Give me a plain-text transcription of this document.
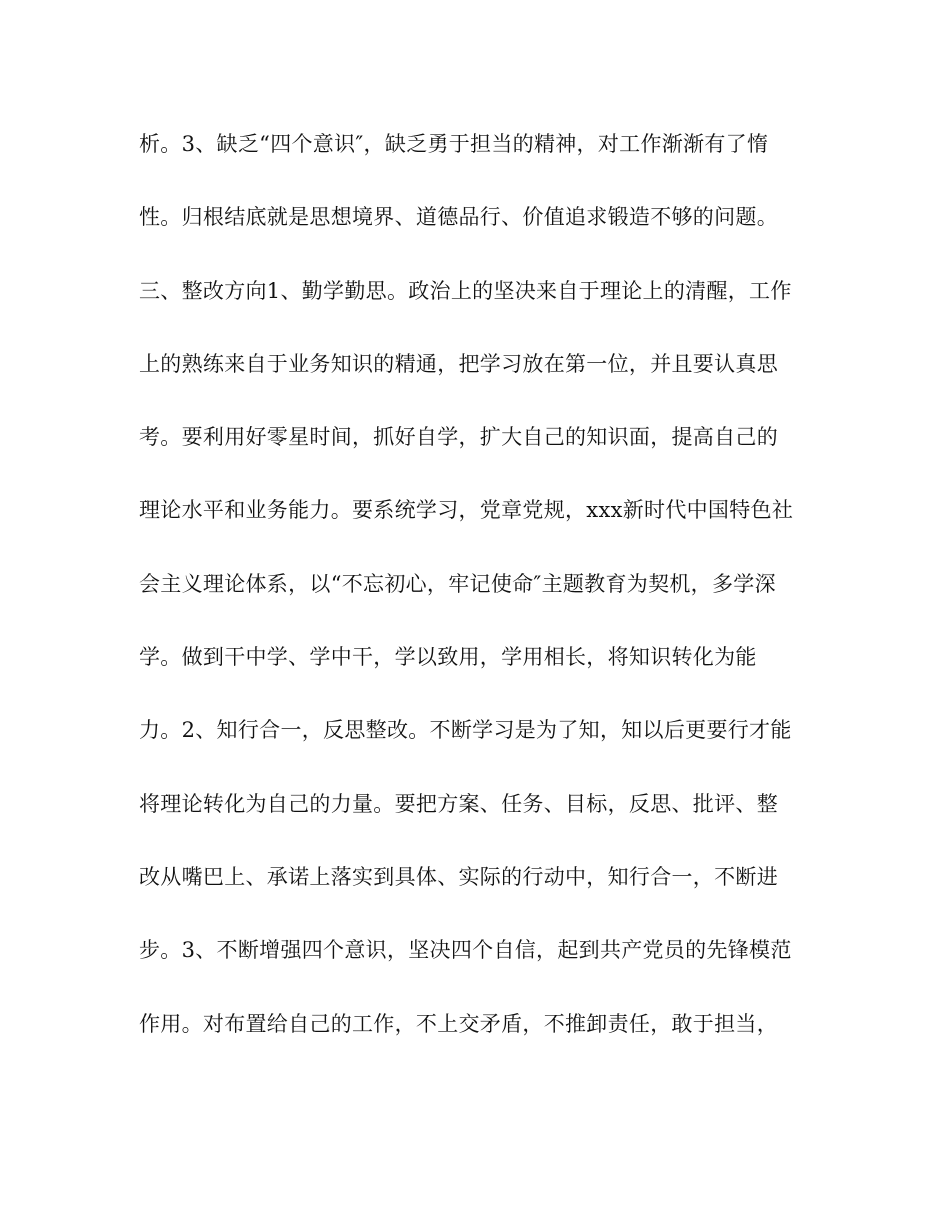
析。3、缺乏“四个意识″，缺乏勇于担当的精神，对工作渐渐有了惰
性。归根结底就是思想境界、道德品行、价值追求锻造不够的问题。
三、整改方向1、勤学勤思。政治上的坚决来自于理论上的清醒，工作
上的熟练来自于业务知识的精通，把学习放在第一位，并且要认真思
考。要利用好零星时间，抓好自学，扩大自己的知识面，提高自己的
理论水平和业务能力。要系统学习，党章党规，xxx新时代中国特色社
会主义理论体系，以“不忘初心，牢记使命″主题教育为契机，多学深
学。做到干中学、学中干，学以致用，学用相长，将知识转化为能
力。2、知行合一，反思整改。不断学习是为了知，知以后更要行才能
将理论转化为自己的力量。要把方案、任务、目标，反思、批评、整
改从嘴巴上、承诺上落实到具体、实际的行动中，知行合一，不断进
步。3、不断增强四个意识，坚决四个自信，起到共产党员的先锋模范
作用。对布置给自己的工作，不上交矛盾，不推卸责任，敢于担当，
